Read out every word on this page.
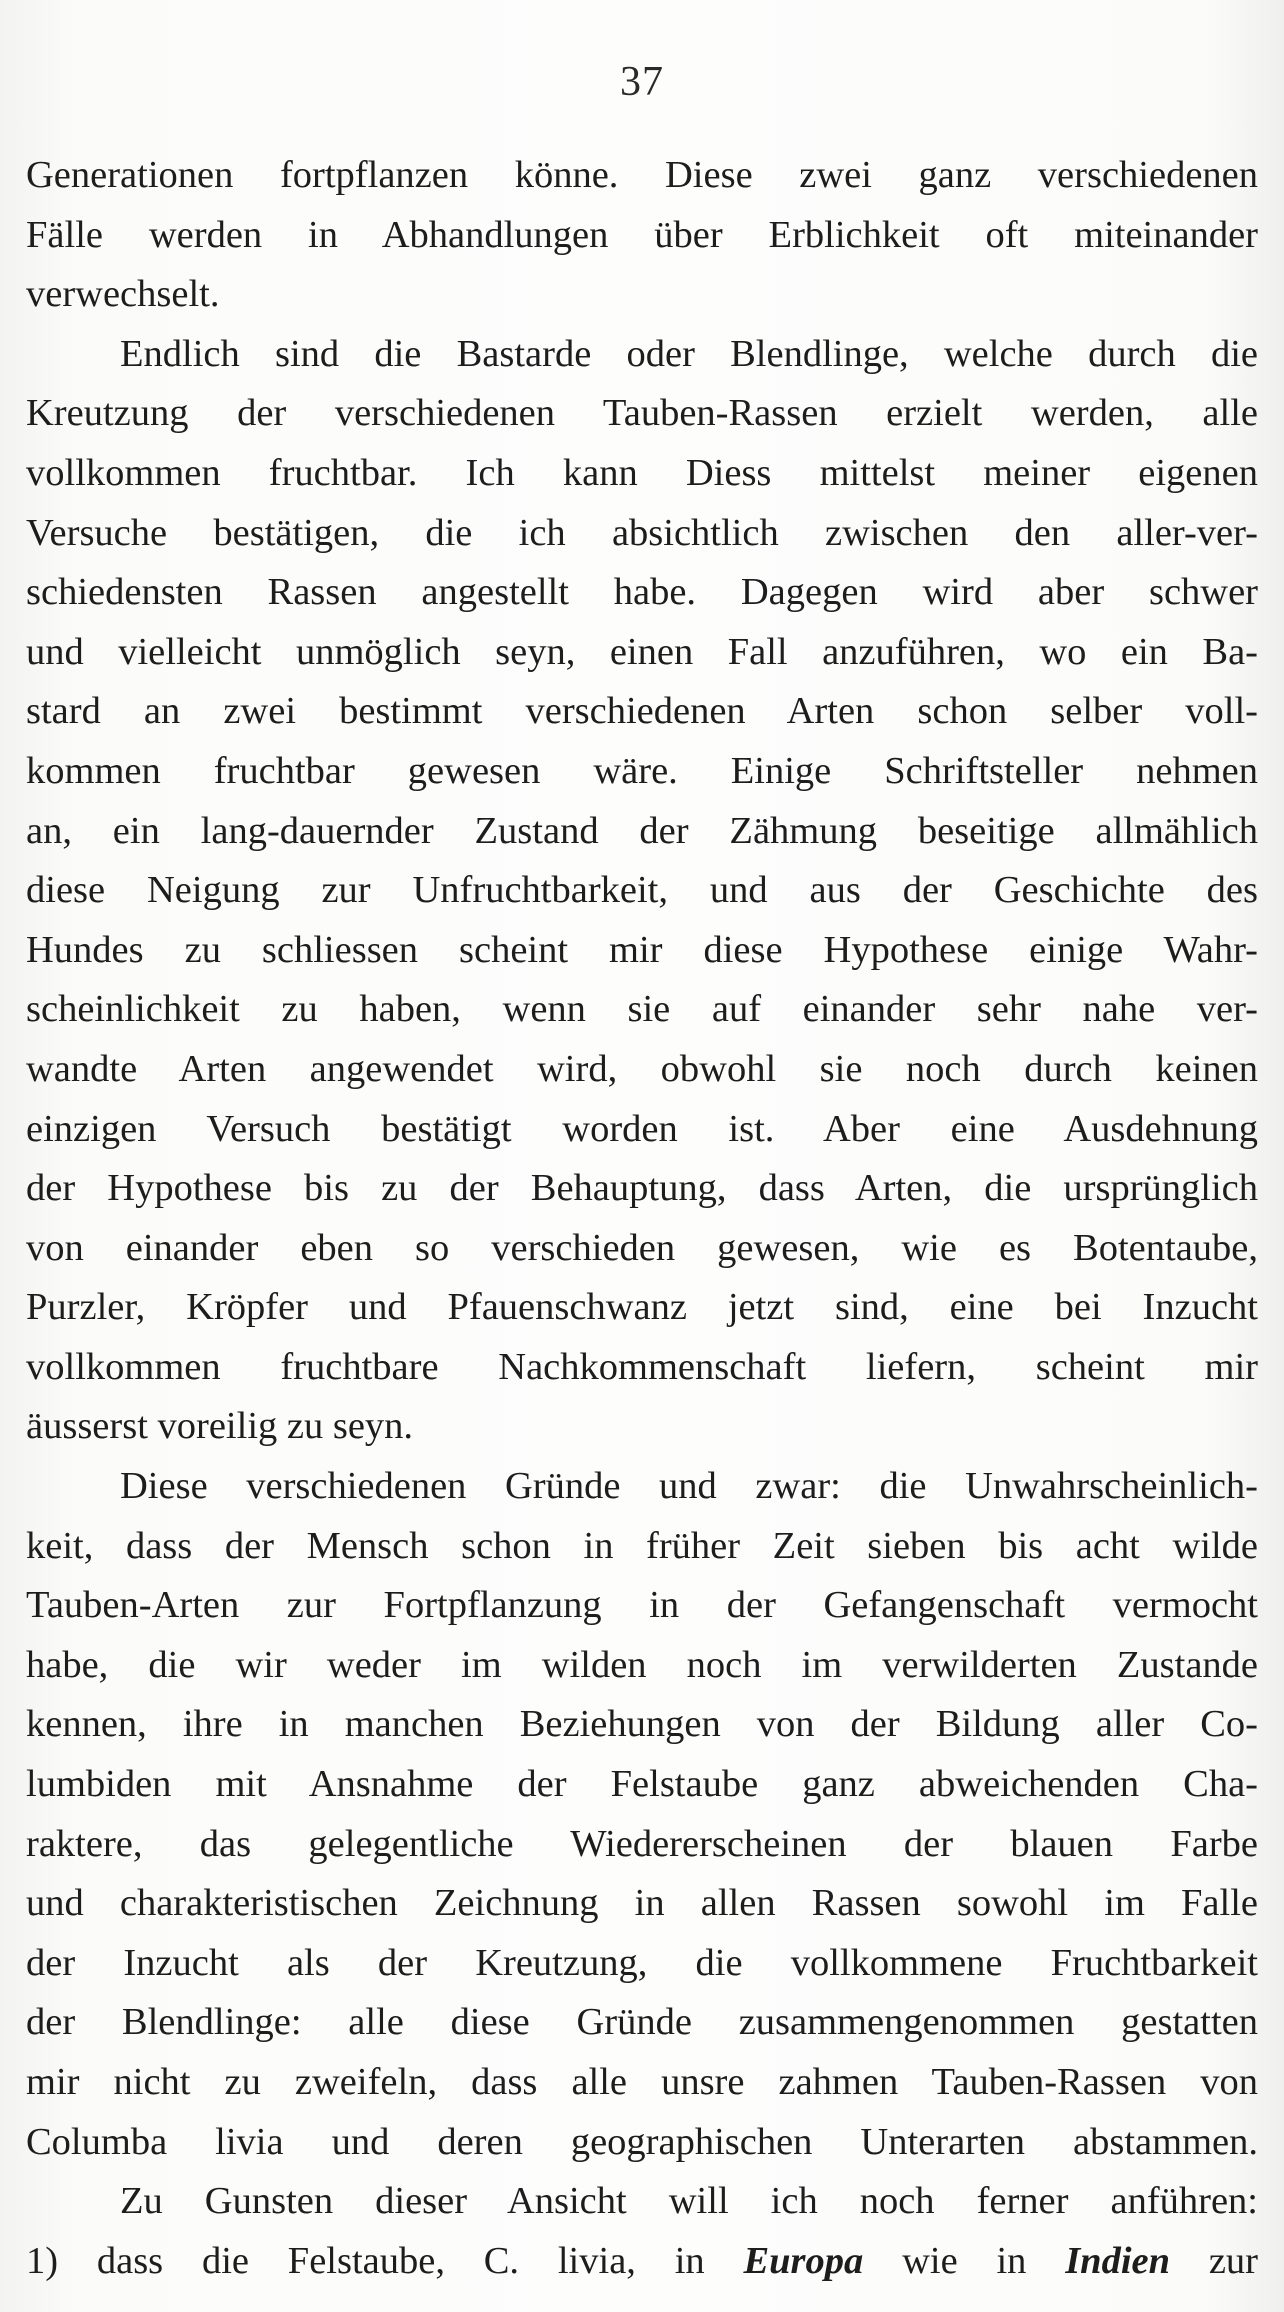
37
Generationen fortpflanzen könne. Diese zwei ganz verschiedenen
Fälle werden in Abhandlungen über Erblichkeit oft miteinander
verwechselt.
Endlich sind die Bastarde oder Blendlinge, welche durch die
Kreutzung der verschiedenen Tauben-Rassen erzielt werden, alle
vollkommen fruchtbar. Ich kann Diess mittelst meiner eigenen
Versuche bestätigen, die ich absichtlich zwischen den aller-ver-
schiedensten Rassen angestellt habe. Dagegen wird aber schwer
und vielleicht unmöglich seyn, einen Fall anzuführen, wo ein Ba-
stard an zwei bestimmt verschiedenen Arten schon selber voll-
kommen fruchtbar gewesen wäre. Einige Schriftsteller nehmen
an, ein lang-dauernder Zustand der Zähmung beseitige allmählich
diese Neigung zur Unfruchtbarkeit, und aus der Geschichte des
Hundes zu schliessen scheint mir diese Hypothese einige Wahr-
scheinlichkeit zu haben, wenn sie auf einander sehr nahe ver-
wandte Arten angewendet wird, obwohl sie noch durch keinen
einzigen Versuch bestätigt worden ist. Aber eine Ausdehnung
der Hypothese bis zu der Behauptung, dass Arten, die ursprünglich
von einander eben so verschieden gewesen, wie es Botentaube,
Purzler, Kröpfer und Pfauenschwanz jetzt sind, eine bei Inzucht
vollkommen fruchtbare Nachkommenschaft liefern, scheint mir
äusserst voreilig zu seyn.
Diese verschiedenen Gründe und zwar: die Unwahrscheinlich-
keit, dass der Mensch schon in früher Zeit sieben bis acht wilde
Tauben-Arten zur Fortpflanzung in der Gefangenschaft vermocht
habe, die wir weder im wilden noch im verwilderten Zustande
kennen, ihre in manchen Beziehungen von der Bildung aller Co-
lumbiden mit Ansnahme der Felstaube ganz abweichenden Cha-
raktere, das gelegentliche Wiedererscheinen der blauen Farbe
und charakteristischen Zeichnung in allen Rassen sowohl im Falle
der Inzucht als der Kreutzung, die vollkommene Fruchtbarkeit
der Blendlinge: alle diese Gründe zusammengenommen gestatten
mir nicht zu zweifeln, dass alle unsre zahmen Tauben-Rassen von
Columba livia und deren geographischen Unterarten abstammen.
Zu Gunsten dieser Ansicht will ich noch ferner anführen:
1) dass die Felstaube, C. livia, in Europa wie in Indien zur
